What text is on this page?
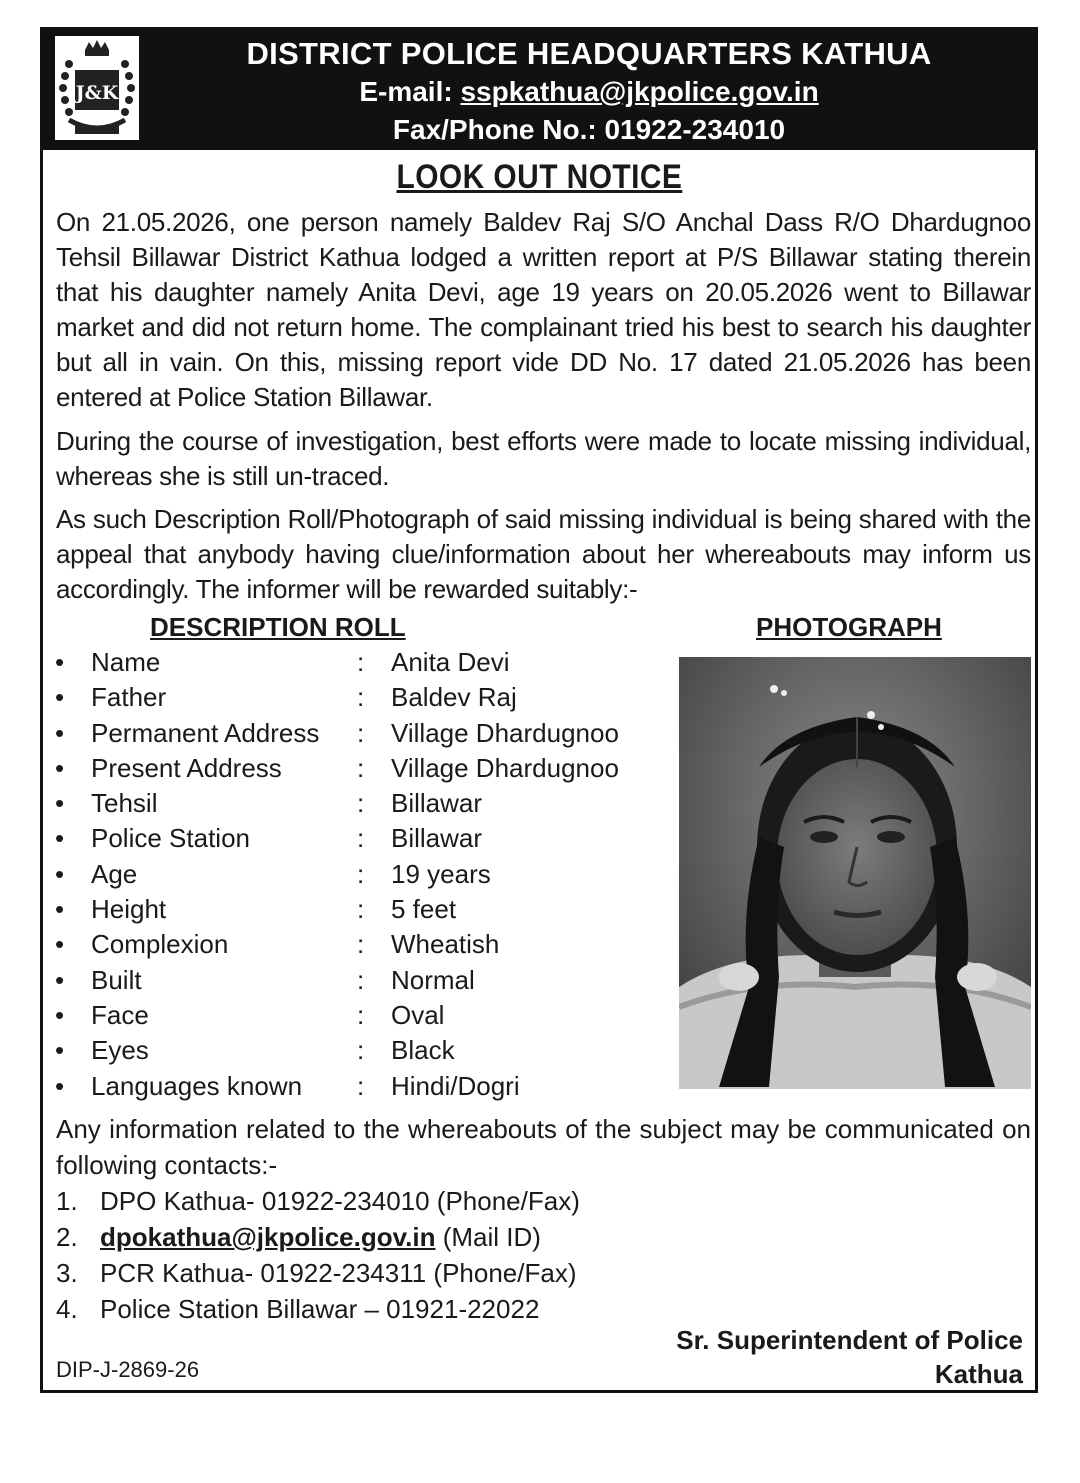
J&K
DISTRICT POLICE HEADQUARTERS KATHUA
E-mail: sspkathua@jkpolice.gov.in
Fax/Phone No.: 01922-234010
LOOK OUT NOTICE
On 21.05.2026, one person namely Baldev Raj S/O Anchal Dass R/O Dhardugnoo Tehsil Billawar District Kathua lodged a written report at P/S Billawar stating therein that his daughter namely Anita Devi, age 19 years on 20.05.2026 went to Billawar market and did not return home. The complainant tried his best to search his daughter but all in vain. On this, missing report vide DD No. 17 dated 21.05.2026 has been entered at Police Station Billawar.
During the course of investigation, best efforts were made to locate missing individual, whereas she is still un-traced.
As such Description Roll/Photograph of said missing individual is being shared with the appeal that anybody having clue/information about her whereabouts may inform us accordingly. The informer will be rewarded suitably:-
DESCRIPTION ROLL	PHOTOGRAPH
• Name	: Anita Devi
• Father	: Baldev Raj
• Permanent Address : Village Dhardugnoo
• Present Address	: Village Dhardugnoo
• Tehsil	: Billawar
• Police Station	: Billawar
• Age	: 19 years
• Height	: 5 feet
• Complexion	: Wheatish
• Built	: Normal
• Face	: Oval
• Eyes	: Black
• Languages known : Hindi/Dogri
Any information related to the whereabouts of the subject may be communicated on following contacts:-
1. DPO Kathua- 01922-234010 (Phone/Fax)
2. dpokathua@jkpolice.gov.in (Mail ID)
3. PCR Kathua- 01922-234311 (Phone/Fax)
4. Police Station Billawar – 01921-22022
Sr. Superintendent of Police
Kathua
DIP-J-2869-26
